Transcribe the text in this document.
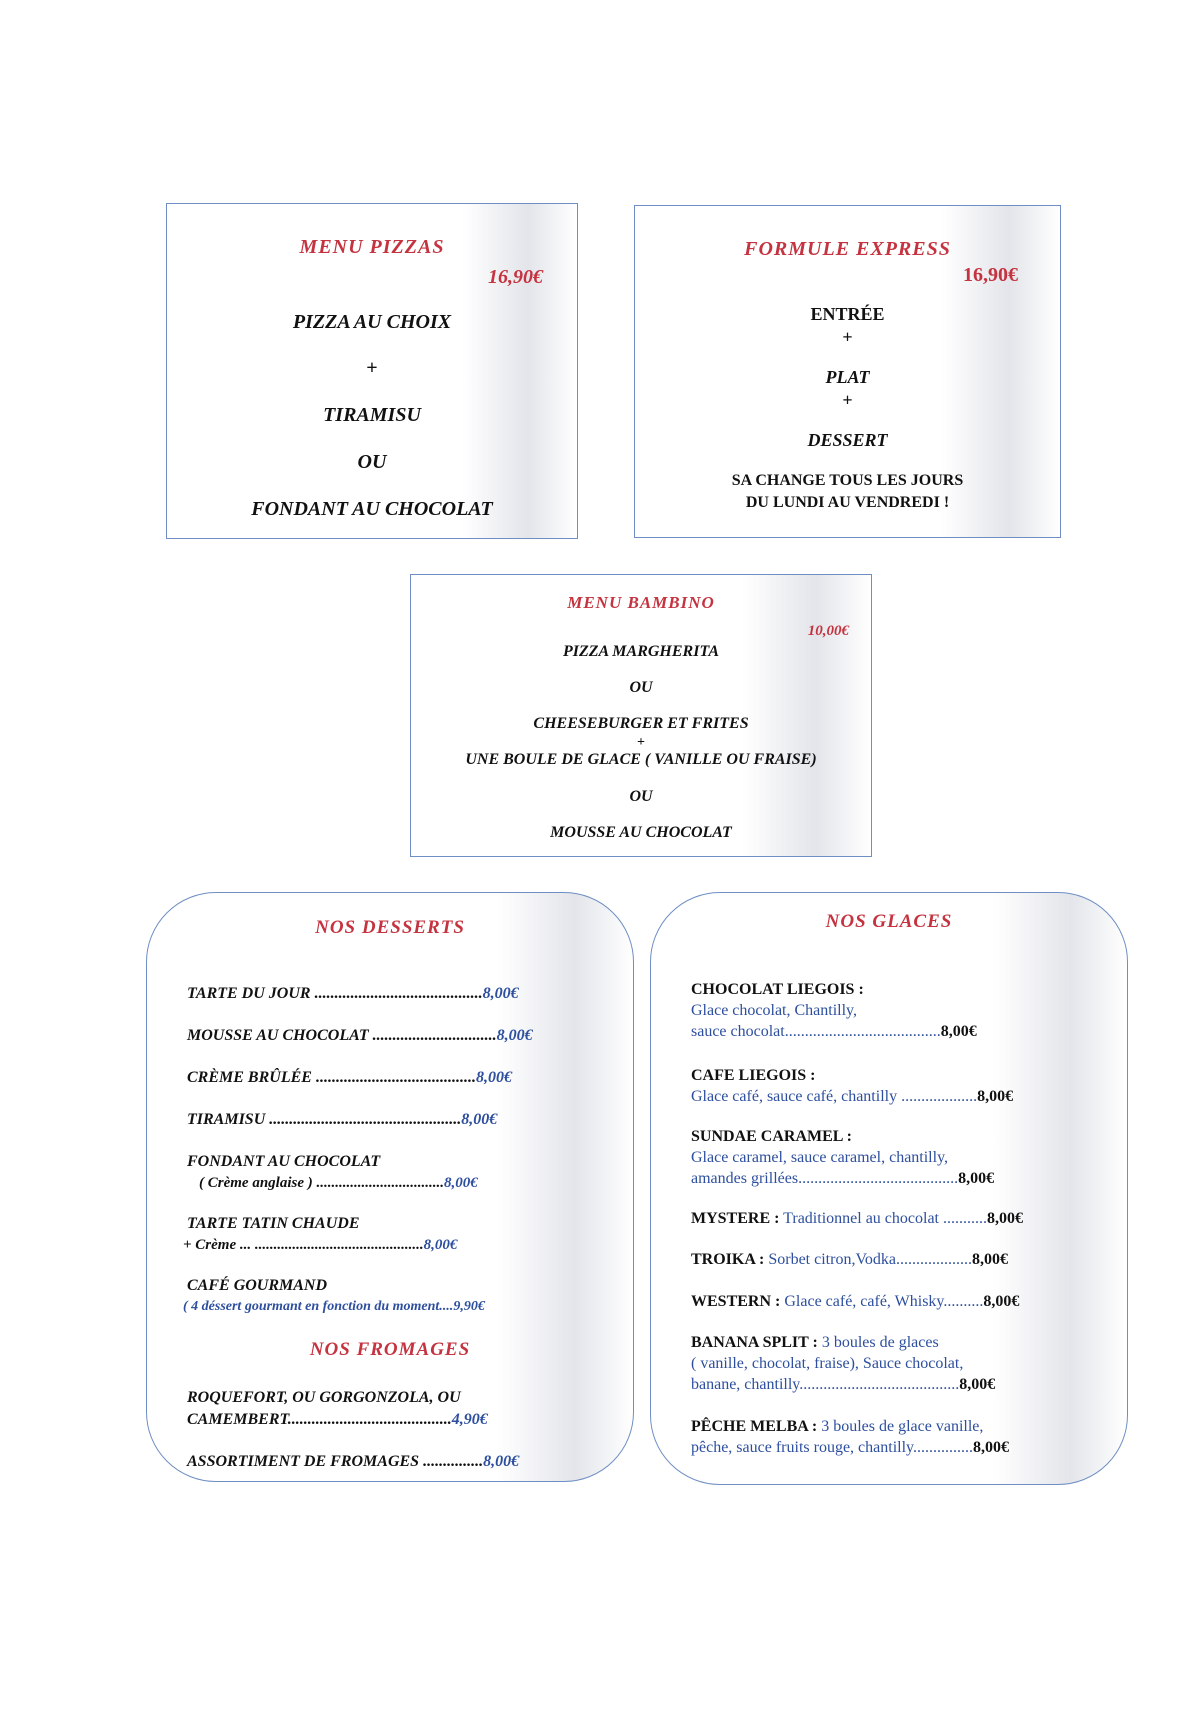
MENU PIZZAS
16,90€
PIZZA AU CHOIX
+
TIRAMISU
OU
FONDANT AU CHOCOLAT
FORMULE EXPRESS
16,90€
ENTRÉE
+
PLAT
+
DESSERT
SA CHANGE TOUS LES JOURS
DU LUNDI AU VENDREDI !
MENU BAMBINO
10,00€
PIZZA MARGHERITA
OU
CHEESEBURGER ET FRITES
+
UNE BOULE DE GLACE ( VANILLE OU FRAISE)
OU
MOUSSE AU CHOCOLAT
NOS DESSERTS
TARTE DU JOUR ..........................................8,00€
MOUSSE AU CHOCOLAT ...............................8,00€
CRÈME BRÛLÉE ........................................8,00€
TIRAMISU ................................................8,00€
FONDANT AU CHOCOLAT
( Crème anglaise ) ..................................8,00€
TARTE TATIN CHAUDE
+ Crème ... .............................................8,00€
CAFÉ GOURMAND
( 4 déssert gourmant en fonction du moment....9,90€
NOS FROMAGES
ROQUEFORT, OU GORGONZOLA, OU
CAMEMBERT.........................................4,90€
ASSORTIMENT DE FROMAGES ...............8,00€
NOS GLACES
CHOCOLAT LIEGOIS :
Glace chocolat, Chantilly,
sauce chocolat.......................................8,00€
CAFE LIEGOIS :
Glace café, sauce café, chantilly ...................8,00€
SUNDAE CARAMEL :
Glace caramel, sauce caramel, chantilly,
amandes grillées........................................8,00€
MYSTERE : Traditionnel au chocolat ...........8,00€
TROIKA : Sorbet citron,Vodka...................8,00€
WESTERN : Glace café, café, Whisky..........8,00€
BANANA SPLIT : 3 boules de glaces
( vanille, chocolat, fraise), Sauce chocolat,
banane, chantilly........................................8,00€
PÊCHE MELBA : 3 boules de glace vanille,
pêche, sauce fruits rouge, chantilly...............8,00€
